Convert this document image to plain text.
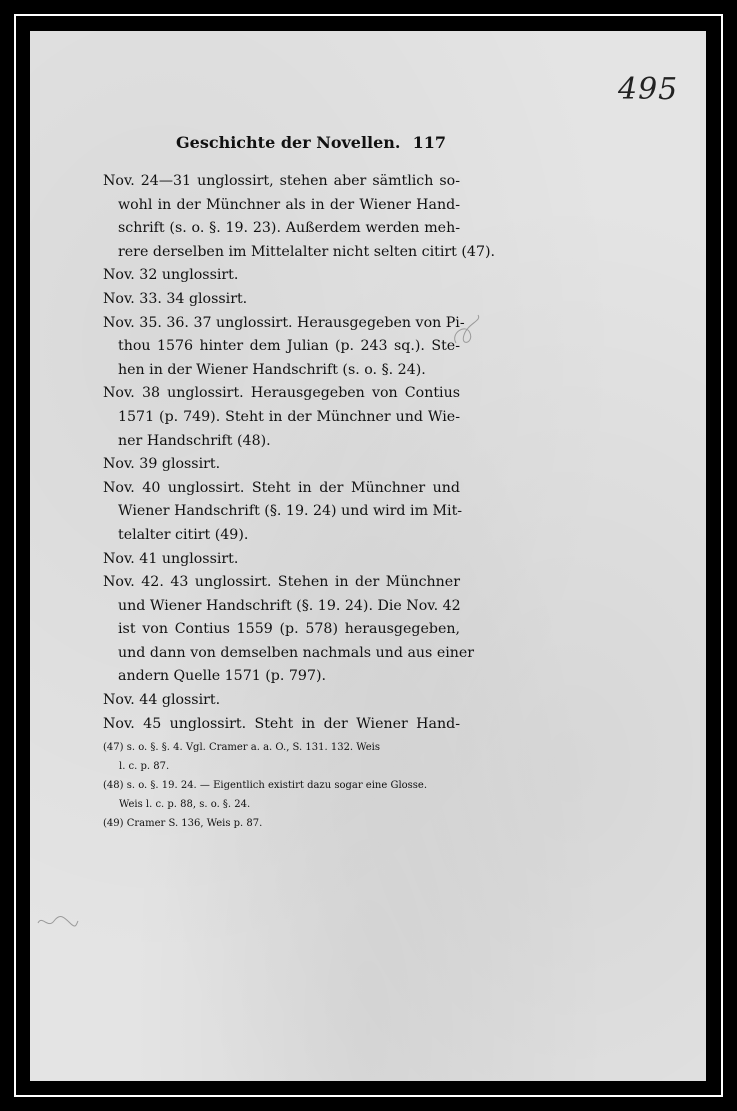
495
Geschichte der Novellen. 117
Nov. 24—31 unglossirt, stehen aber sämtlich so-
wohl in der Münchner als in der Wiener Hand-
schrift (s. o. §. 19. 23). Außerdem werden meh-
rere derselben im Mittelalter nicht selten citirt (47).
Nov. 32 unglossirt.
Nov. 33. 34 glossirt.
Nov. 35. 36. 37 unglossirt. Herausgegeben von Pi-
thou 1576 hinter dem Julian (p. 243 sq.). Ste-
hen in der Wiener Handschrift (s. o. §. 24).
Nov. 38 unglossirt. Herausgegeben von Contius
1571 (p. 749). Steht in der Münchner und Wie-
ner Handschrift (48).
Nov. 39 glossirt.
Nov. 40 unglossirt. Steht in der Münchner und
Wiener Handschrift (§. 19. 24) und wird im Mit-
telalter citirt (49).
Nov. 41 unglossirt.
Nov. 42. 43 unglossirt. Stehen in der Münchner
und Wiener Handschrift (§. 19. 24). Die Nov. 42
ist von Contius 1559 (p. 578) herausgegeben,
und dann von demselben nachmals und aus einer
andern Quelle 1571 (p. 797).
Nov. 44 glossirt.
Nov. 45 unglossirt. Steht in der Wiener Hand-
(47) s. o. §. §. 4. Vgl. Cramer a. a. O., S. 131. 132. Weis
l. c. p. 87.
(48) s. o. §. 19. 24. — Eigentlich existirt dazu sogar eine Glosse.
Weis l. c. p. 88, s. o. §. 24.
(49) Cramer S. 136, Weis p. 87.
